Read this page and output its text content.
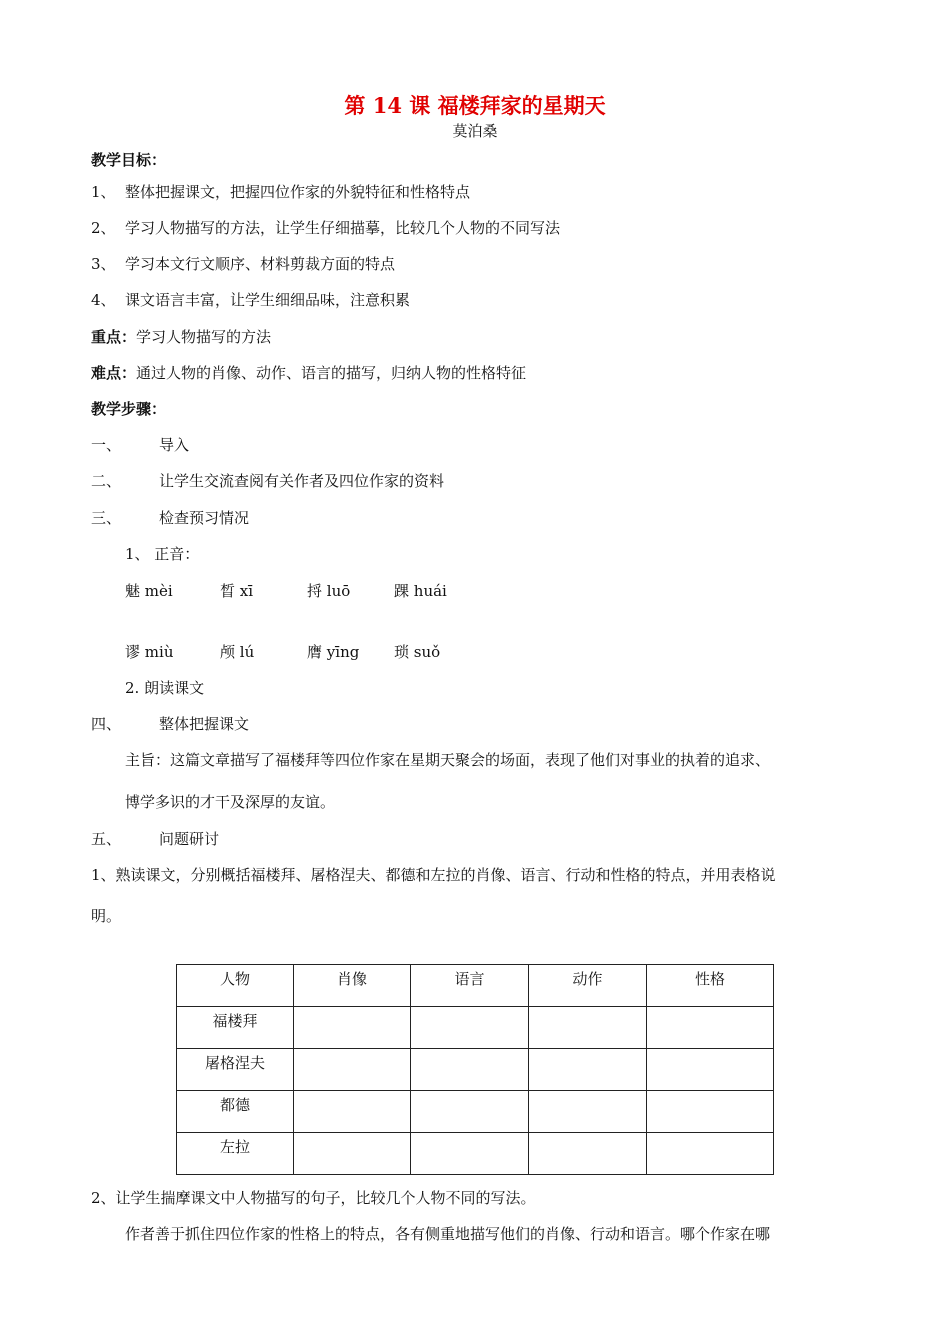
第 14 课 福楼拜家的星期天
莫泊桑
教学目标：
1、 整体把握课文，把握四位作家的外貌特征和性格特点
2、 学习人物描写的方法，让学生仔细描摹，比较几个人物的不同写法
3、 学习本文行文顺序、材料剪裁方面的特点
4、 课文语言丰富，让学生细细品味，注意积累
重点：学习人物描写的方法
难点：通过人物的肖像、动作、语言的描写，归纳人物的性格特征
教学步骤：
一、	导入
二、	让学生交流查阅有关作者及四位作家的资料
三、	检查预习情况
1、 正音：
魅 mèi	晳 xī	捋 luō	踝 huái
谬 miù	颅 lú	膺 yīng 琐 suǒ
2. 朗读课文
四、	整体把握课文
主旨：这篇文章描写了福楼拜等四位作家在星期天聚会的场面，表现了他们对事业的执着的追求、
博学多识的才干及深厚的友谊。
五、	问题研讨
1、熟读课文，分别概括福楼拜、屠格涅夫、都德和左拉的肖像、语言、行动和性格的特点，并用表格说
明。
人物	肖像	语言	动作	性格
福楼拜				
屠格涅夫				
都德				
左拉				
2、让学生揣摩课文中人物描写的句子，比较几个人物不同的写法。
作者善于抓住四位作家的性格上的特点，各有侧重地描写他们的肖像、行动和语言。哪个作家在哪
